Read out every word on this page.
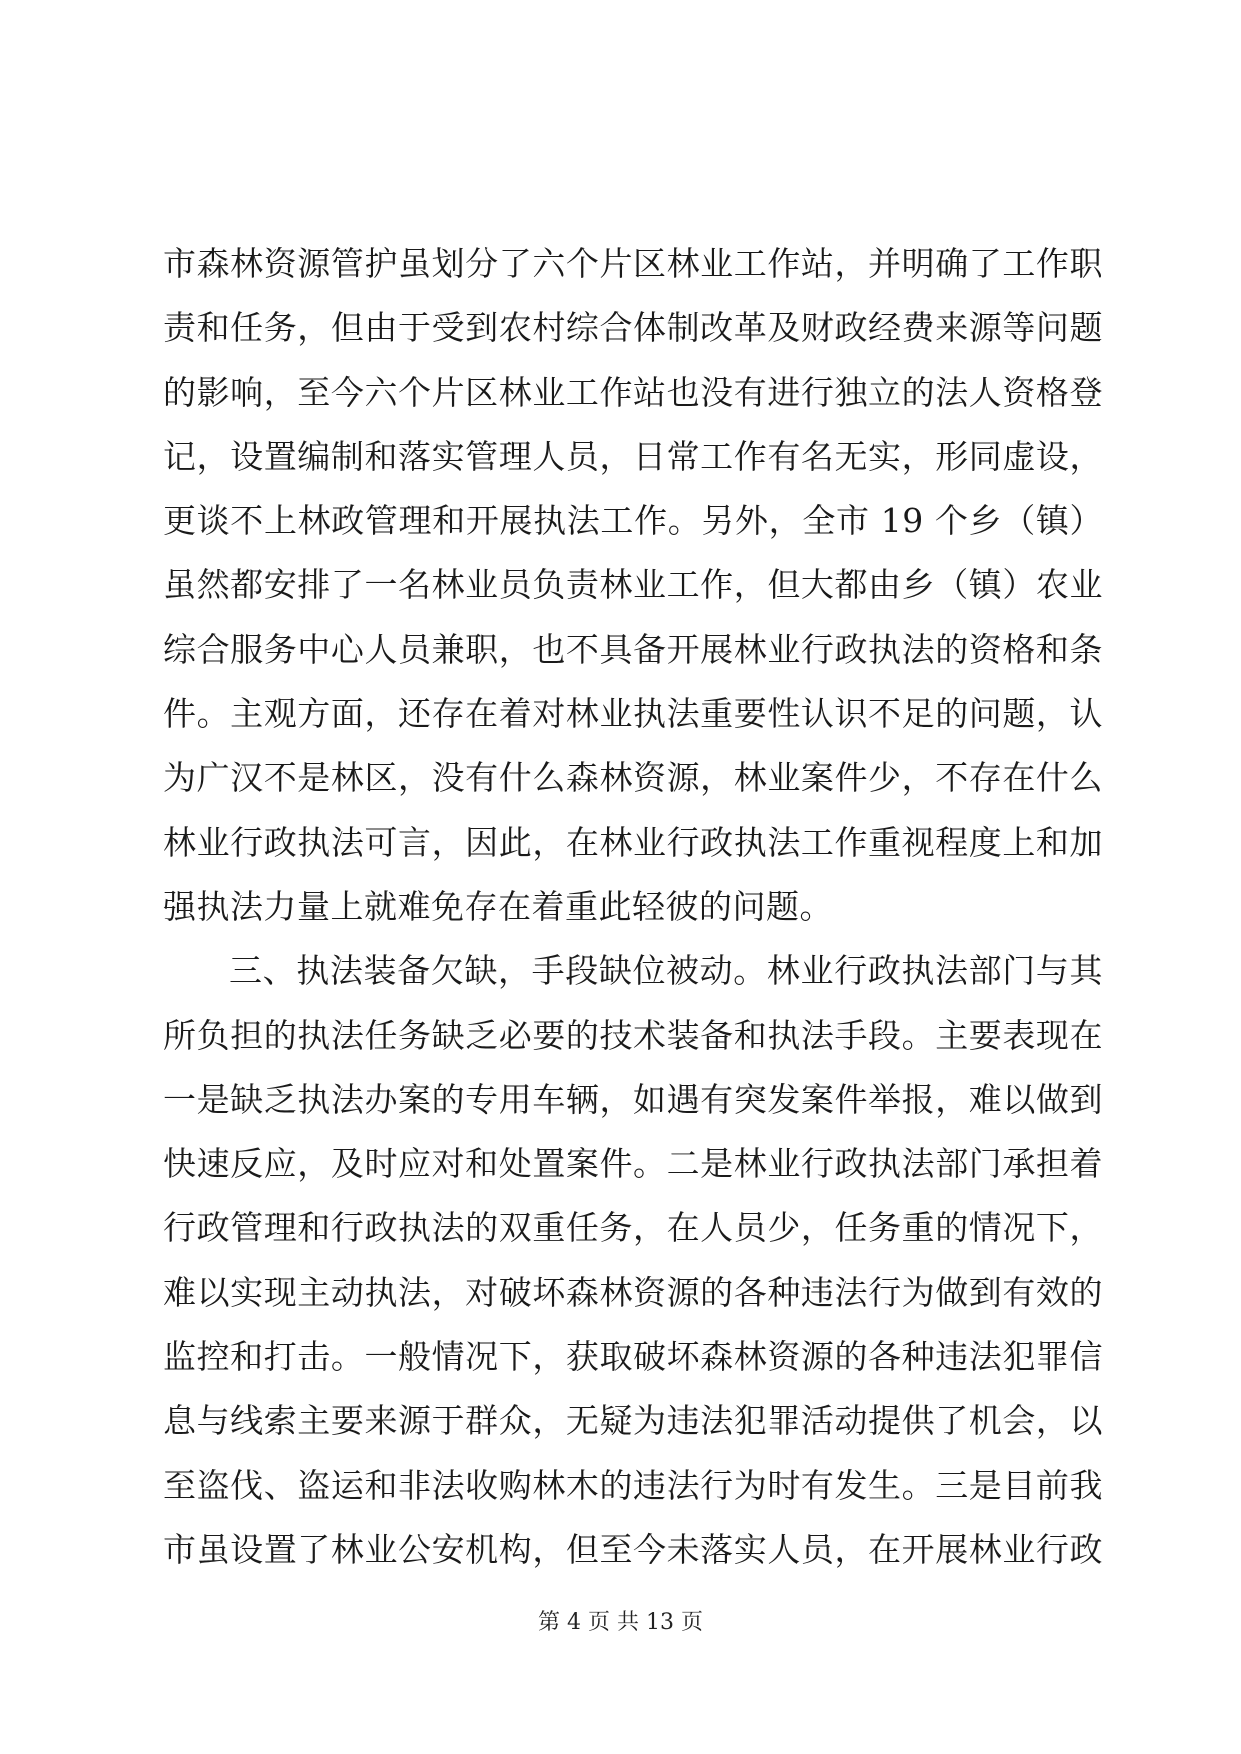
市森林资源管护虽划分了六个片区林业工作站，并明确了工作职
责和任务，但由于受到农村综合体制改革及财政经费来源等问题
的影响，至今六个片区林业工作站也没有进行独立的法人资格登
记，设置编制和落实管理人员，日常工作有名无实，形同虚设，
更谈不上林政管理和开展执法工作。另外，全市 19 个乡（镇）
虽然都安排了一名林业员负责林业工作，但大都由乡（镇）农业
综合服务中心人员兼职，也不具备开展林业行政执法的资格和条
件。主观方面，还存在着对林业执法重要性认识不足的问题，认
为广汉不是林区，没有什么森林资源，林业案件少，不存在什么
林业行政执法可言，因此，在林业行政执法工作重视程度上和加
强执法力量上就难免存在着重此轻彼的问题。
三、执法装备欠缺，手段缺位被动。林业行政执法部门与其
所负担的执法任务缺乏必要的技术装备和执法手段。主要表现在
一是缺乏执法办案的专用车辆，如遇有突发案件举报，难以做到
快速反应，及时应对和处置案件。二是林业行政执法部门承担着
行政管理和行政执法的双重任务，在人员少，任务重的情况下，
难以实现主动执法，对破坏森林资源的各种违法行为做到有效的
监控和打击。一般情况下，获取破坏森林资源的各种违法犯罪信
息与线索主要来源于群众，无疑为违法犯罪活动提供了机会，以
至盗伐、盗运和非法收购林木的违法行为时有发生。三是目前我
市虽设置了林业公安机构，但至今未落实人员，在开展林业行政
第 4 页 共 13 页
